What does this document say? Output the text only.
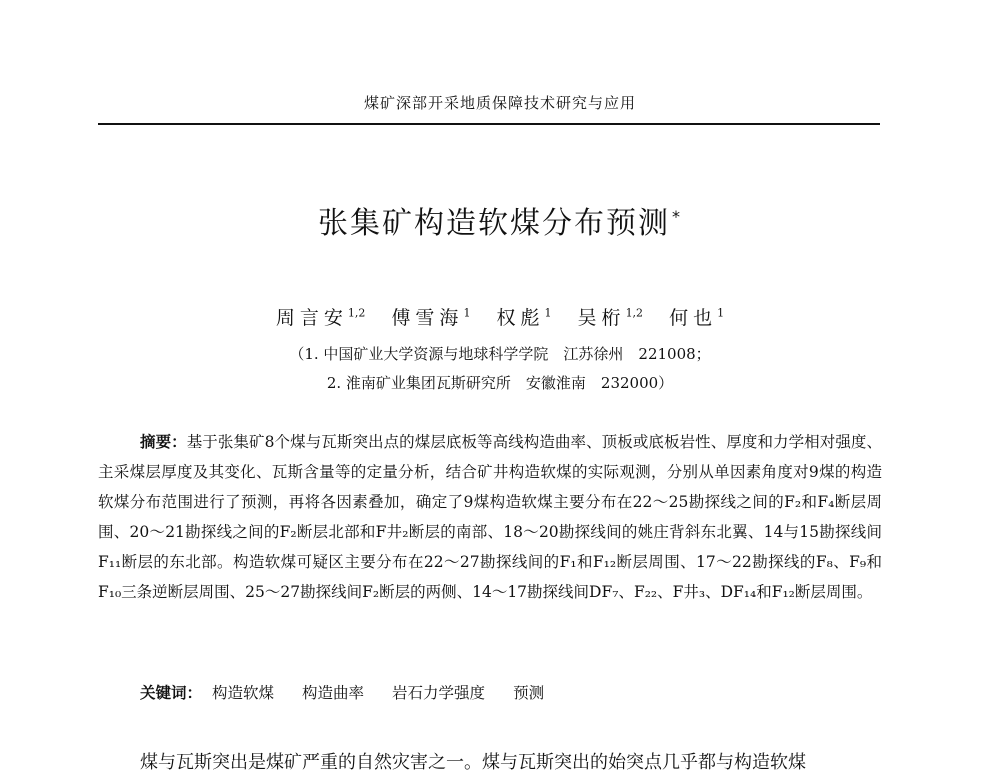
煤矿深部开采地质保障技术研究与应用
张集矿构造软煤分布预测 *
周言安$^{1,2}$ 傅雪海$^1$ 权彪$^1$ 吴桁$^{1,2}$ 何也$^1$
（1. 中国矿业大学资源与地球科学学院　江苏徐州　221008；
2. 淮南矿业集团瓦斯研究所　安徽淮南　232000）

摘要：基于张集矿8个煤与瓦斯突出点的煤层底板等高线构造曲率、顶板或底板岩性、厚度和力学相对强度、主采煤层厚度及其变化、瓦斯含量等的定量分析，结合矿井构造软煤的实际观测，分别从单因素角度对9煤的构造软煤分布范围进行了预测，再将各因素叠加，确定了9煤构造软煤主要分布在22～25勘探线之间的F₂和F₄断层周围、20～21勘探线之间的F₂断层北部和F井₂断层的南部、18～20勘探线间的姚庄背斜东北翼、14与15勘探线间F₁₁断层的东北部。构造软煤可疑区主要分布在22～27勘探线间的F₁和F₁₂断层周围、17～22勘探线的F₈、F₉和F₁₀三条逆断层周围、25～27勘探线间F₂断层的两侧、14～17勘探线间DF₇、F₂₂、F井₃、DF₁₄和F₁₂断层周围。

关键词： 构造软煤 构造曲率 岩石力学强度 预测
煤与瓦斯突出是煤矿严重的自然灾害之一。煤与瓦斯突出的始突点几乎都与构造软煤
